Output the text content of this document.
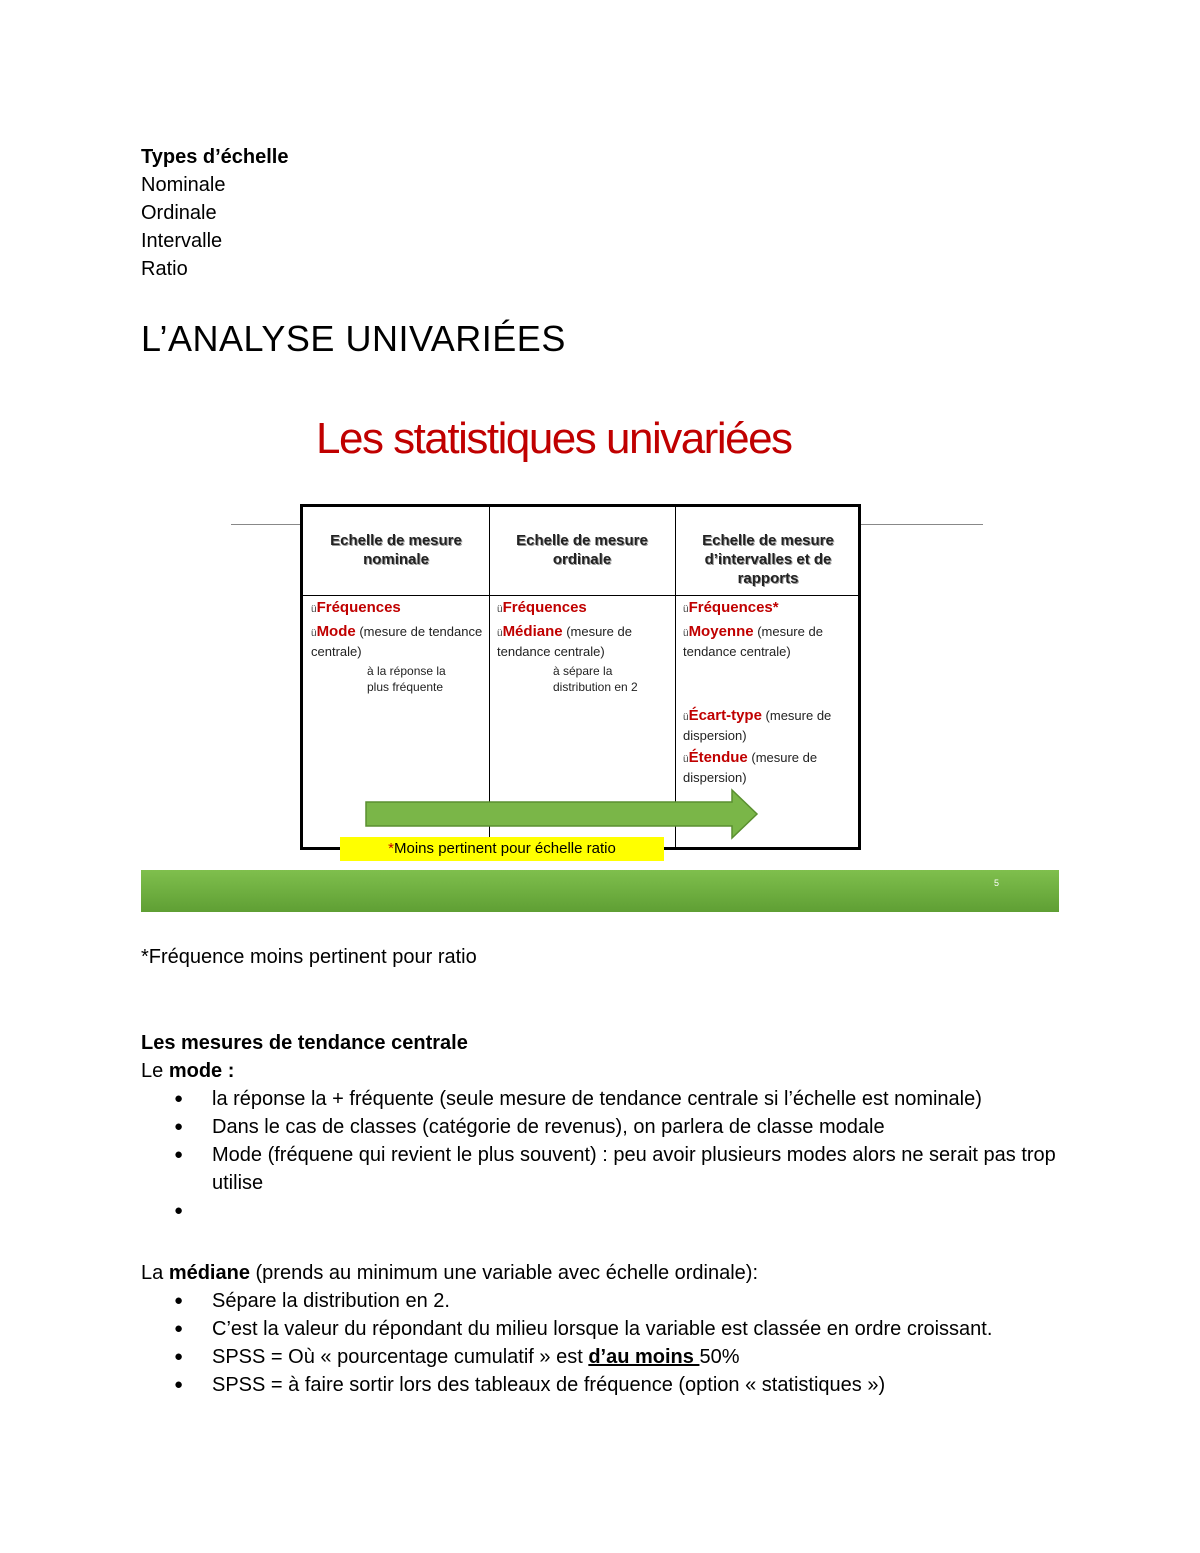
Types d’échelle
Nominale
Ordinale
Intervalle
Ratio
L’ANALYSE UNIVARIÉES
Les statistiques univariées
Echelle de mesure nominale
Echelle de mesure ordinale
Echelle de mesure d’intervalles et de rapports
üFréquences
üMode (mesure de tendance centrale)
à la réponse la
plus fréquente
üFréquences
üMédiane (mesure de tendance centrale)
à sépare la
distribution en 2
üFréquences*
üMoyenne (mesure de tendance centrale)
üÉcart-type (mesure de dispersion)
üÉtendue (mesure de dispersion)
*Moins pertinent pour échelle ratio
5
*Fréquence moins pertinent pour ratio
Les mesures de tendance centrale
Le mode :
● la réponse la + fréquente (seule mesure de tendance centrale si l’échelle est nominale)
● Dans le cas de classes (catégorie de revenus), on parlera de classe modale
● Mode (fréquene qui revient le plus souvent) : peu avoir plusieurs modes alors ne serait pas trop utilise
●
La médiane (prends au minimum une variable avec échelle ordinale):
● Sépare la distribution en 2.
● C’est la valeur du répondant du milieu lorsque la variable est classée en ordre croissant.
● SPSS = Où « pourcentage cumulatif » est d’au moins 50%
● SPSS = à faire sortir lors des tableaux de fréquence (option « statistiques »)
